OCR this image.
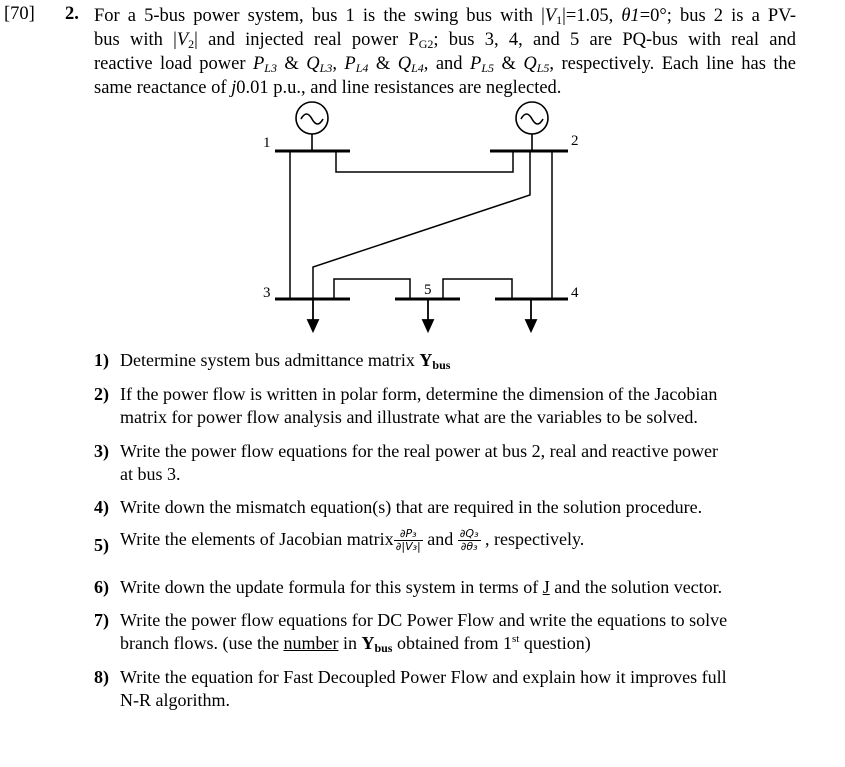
[70] 2. For a 5-bus power system, bus 1 is the swing bus with $|V_1|=1.05$, θ1=0°; bus 2 is a PV-
bus with $|V_2|$ and injected real power $P_{G2}$; bus 3, 4, and 5 are PQ-bus with real and
reactive load power $P_{L3}$ & $Q_{L3}$, $P_{L4}$ & $Q_{L4}$, and $P_{L5}$ & $Q_{L5}$, respectively. Each line has the
same reactance of j0.01 p.u., and line resistances are neglected.
1	2
3	5	4
1) Determine system bus admittance matrix $Y_{bus}$
2) If the power flow is written in polar form, determine the dimension of the Jacobian
matrix for power flow analysis and illustrate what are the variables to be solved.
3) Write the power flow equations for the real power at bus 2, real and reactive power
at bus 3.
4) Write down the mismatch equation(s) that are required in the solution procedure.
5) Write the elements of Jacobian matrix $\frac{\text{∂P₃}}{\text{∂|V₃|}}$ and $\frac{\text{∂Q₃}}{\text{∂θ₃}}$ , respectively.
6) Write down the update formula for this system in terms of J and the solution vector.
7) Write the power flow equations for DC Power Flow and write the equations to solve
branch flows. (use the number in $Y_{bus}$ obtained from 1st question)
8) Write the equation for Fast Decoupled Power Flow and explain how it improves full
N-R algorithm.
